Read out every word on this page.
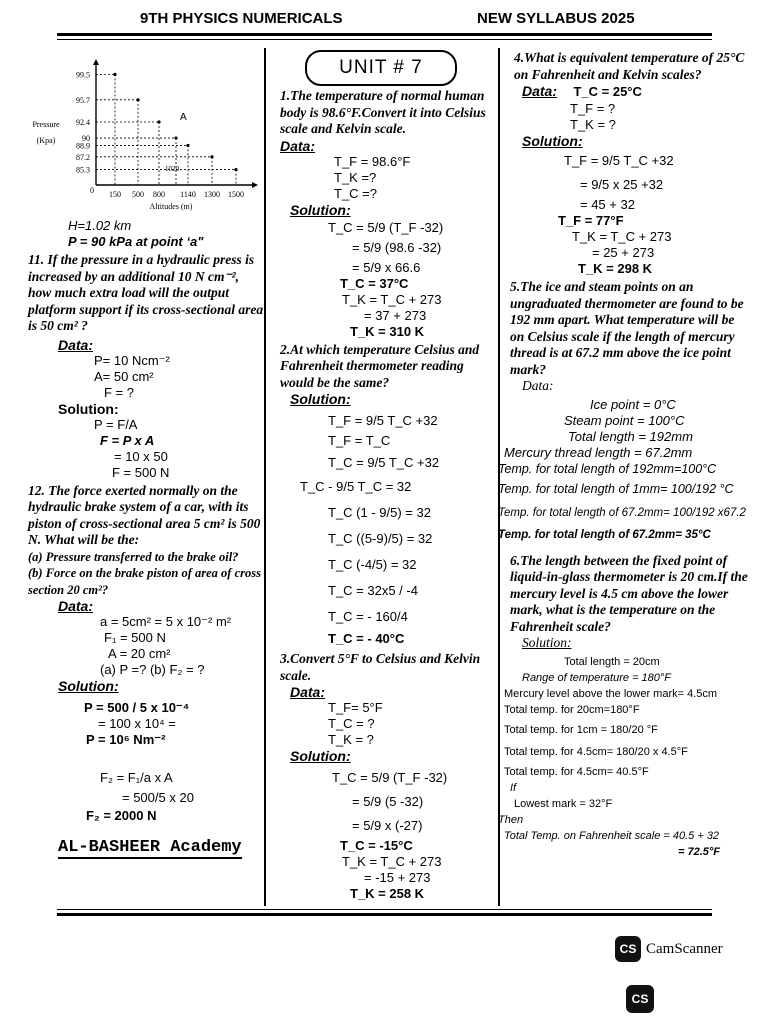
9TH PHYSICS NUMERICALS	NEW SYLLABUS 2025
99.5
95.7
92.4
90
88.9
87.2
85.3
150 500 800 1140 1300 1500
0
A
1020
Altitudes (m)
Pressure
(Kpa)
H=1.02 km
P = 90 kPa at point ‘a"
11. If the pressure in a hydraulic press is increased by an additional 10 N cm⁻², how much extra load will the output platform support if its cross-sectional area is 50 cm² ?
Data:
P= 10 Ncm⁻²
A= 50 cm²
F = ?
Solution:
P = F/A
F = P x A
= 10 x 50
F = 500 N
12. The force exerted normally on the hydraulic brake system of a car, with its piston of cross-sectional area 5 cm² is 500 N. What will be the:
(a) Pressure transferred to the brake oil?
(b) Force on the brake piston of area of cross section 20 cm²?
Data:
a = 5cm² = 5 x 10⁻² m²
F₁ = 500 N
A = 20 cm²
(a) P =? (b) F₂ = ?
Solution:
P = 500 / 5 x 10⁻⁴
= 100 x 10⁴ =
P = 10⁶ Nm⁻²
F₂ = F₁/a x A
= 500/5 x 20
F₂ = 2000 N
AL-BASHEER Academy
UNIT # 7
1.The temperature of normal human body is 98.6°F.Convert it into Celsius scale and Kelvin scale.
Data:
T_F = 98.6°F
T_K =?
T_C =?
Solution:
T_C = 5/9 (T_F -32)
= 5/9 (98.6 -32)
= 5/9 x 66.6
T_C = 37°C
T_K = T_C + 273
= 37 + 273
T_K = 310 K
2.At which temperature Celsius and Fahrenheit thermometer reading would be the same?
Solution:
T_F = 9/5 T_C +32
T_F = T_C
T_C = 9/5 T_C +32
T_C - 9/5 T_C = 32
T_C (1 - 9/5) = 32
T_C ((5-9)/5) = 32
T_C (-4/5) = 32
T_C = 32x5 / -4
T_C = - 160/4
T_C = - 40°C
3.Convert 5°F to Celsius and Kelvin scale.
Data:
T_F= 5°F
T_C = ?
T_K = ?
Solution:
T_C = 5/9 (T_F -32)
= 5/9 (5 -32)
= 5/9 x (-27)
T_C = -15°C
T_K = T_C + 273
= -15 + 273
T_K = 258 K
4.What is equivalent temperature of 25°C on Fahrenheit and Kelvin scales?
Data: T_C = 25°C
T_F = ?
T_K = ?
Solution:
T_F = 9/5 T_C +32
= 9/5 x 25 +32
= 45 + 32
T_F = 77°F
T_K = T_C + 273
= 25 + 273
T_K = 298 K
5.The ice and steam points on an ungraduated thermometer are found to be 192 mm apart. What temperature will be on Celsius scale if the length of mercury thread is at 67.2 mm above the ice point mark?
Data:
Ice point = 0°C
Steam point = 100°C
Total length = 192mm
Mercury thread length = 67.2mm
Temp. for total length of 192mm=100°C
Temp. for total length of 1mm= 100/192 °C
Temp. for total length of 67.2mm= 100/192 x67.2
Temp. for total length of 67.2mm= 35°C
6.The length between the fixed point of liquid-in-glass thermometer is 20 cm.If the mercury level is 4.5 cm above the lower mark, what is the temperature on the Fahrenheit scale?
Solution:
Total length = 20cm
Range of temperature = 180°F
Mercury level above the lower mark= 4.5cm
Total temp. for 20cm=180°F
Total temp. for 1cm = 180/20 °F
Total temp. for 4.5cm= 180/20 x 4.5°F
Total temp. for 4.5cm= 40.5°F
If
Lowest mark = 32°F
Then
Total Temp. on Fahrenheit scale = 40.5 + 32
= 72.5°F
CS CamScanner
CS
